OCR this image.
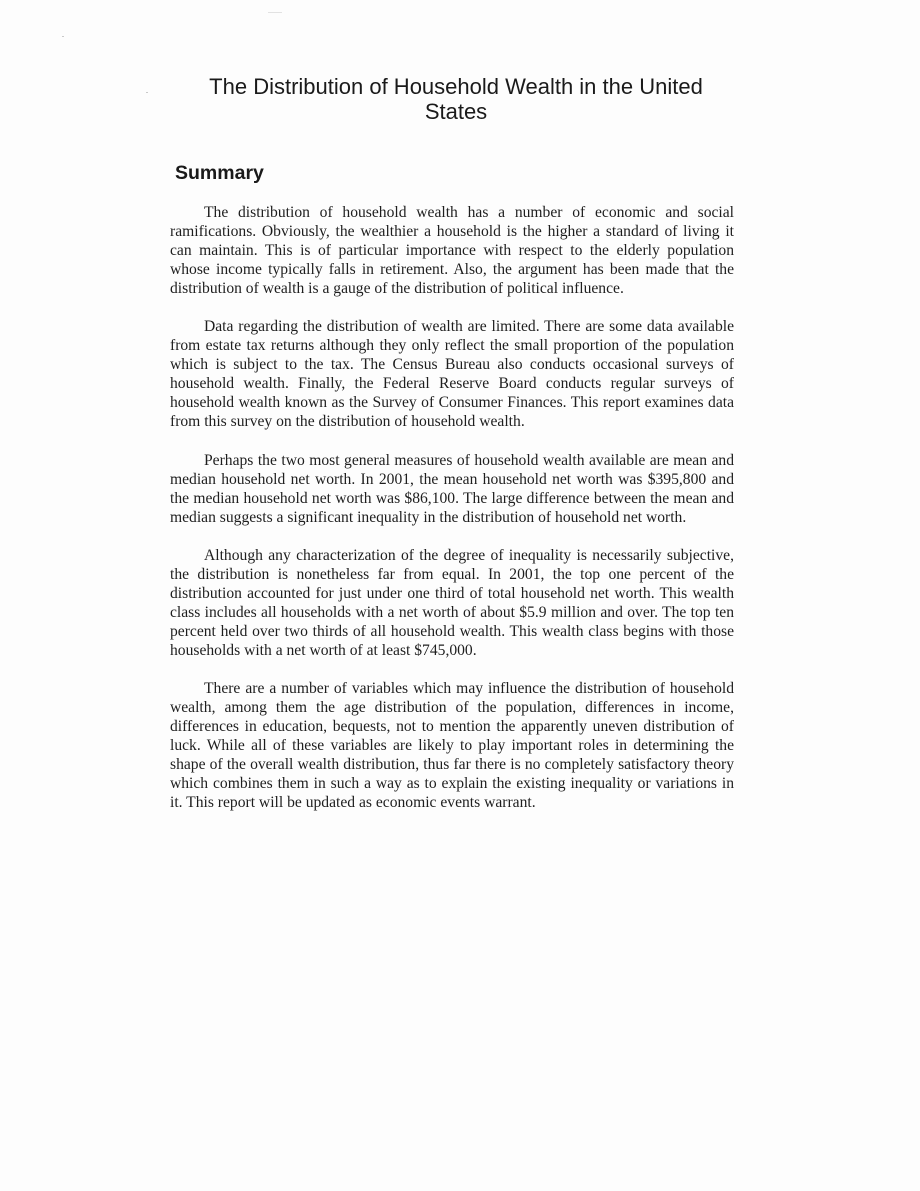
The Distribution of Household Wealth in the United States
Summary

The distribution of household wealth has a number of economic and social ramifications. Obviously, the wealthier a household is the higher a standard of living it can maintain. This is of particular importance with respect to the elderly population whose income typically falls in retirement. Also, the argument has been made that the distribution of wealth is a gauge of the distribution of political influence.

Data regarding the distribution of wealth are limited. There are some data available from estate tax returns although they only reflect the small proportion of the population which is subject to the tax. The Census Bureau also conducts occasional surveys of household wealth. Finally, the Federal Reserve Board conducts regular surveys of household wealth known as the Survey of Consumer Finances. This report examines data from this survey on the distribution of household wealth.

Perhaps the two most general measures of household wealth available are mean and median household net worth. In 2001, the mean household net worth was $395,800 and the median household net worth was $86,100. The large difference between the mean and median suggests a significant inequality in the distribution of household net worth.

Although any characterization of the degree of inequality is necessarily subjective, the distribution is nonetheless far from equal. In 2001, the top one percent of the distribution accounted for just under one third of total household net worth. This wealth class includes all households with a net worth of about $5.9 million and over. The top ten percent held over two thirds of all household wealth. This wealth class begins with those households with a net worth of at least $745,000.

There are a number of variables which may influence the distribution of household wealth, among them the age distribution of the population, differences in income, differences in education, bequests, not to mention the apparently uneven distribution of luck. While all of these variables are likely to play important roles in determining the shape of the overall wealth distribution, thus far there is no completely satisfactory theory which combines them in such a way as to explain the existing inequality or variations in it. This report will be updated as economic events warrant.
